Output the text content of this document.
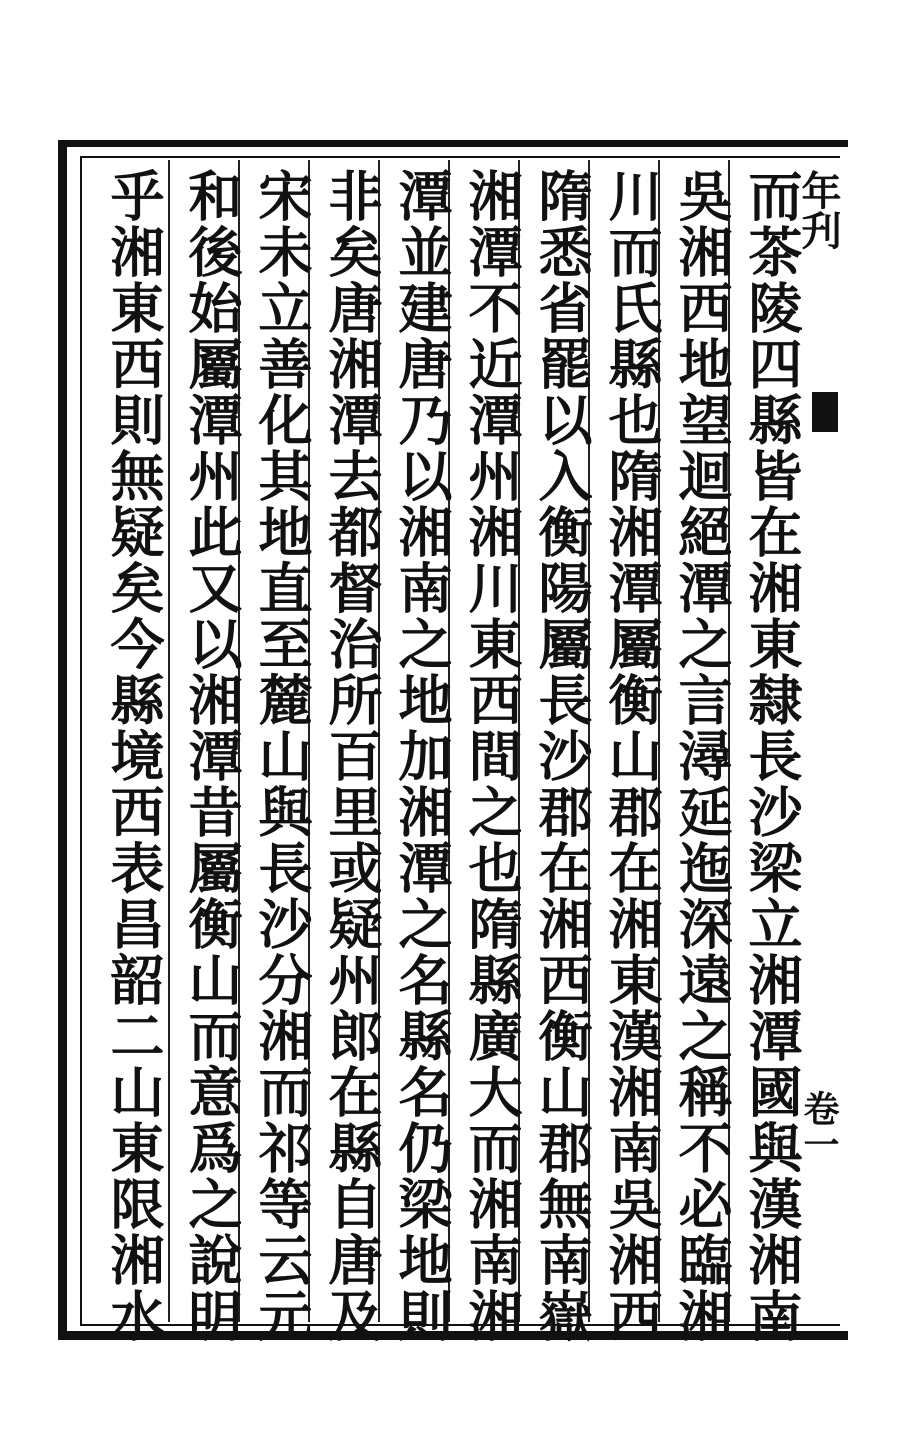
年刋
卷一
而茶陵四縣皆在湘東隸長沙梁立湘潭國與漢湘南
吳湘西地望迴絕潭之言潯延迤深遠之稱不必臨湘
川而氏縣也隋湘潭屬衡山郡在湘東漢湘南吳湘西
隋悉省罷以入衡陽屬長沙郡在湘西衡山郡無南嶽
湘潭不近潭州湘川東西間之也隋縣廣大而湘南湘
潭並建唐乃以湘南之地加湘潭之名縣名仍梁地則
非矣唐湘潭去都督治所百里或疑州郎在縣自唐及
宋未立善化其地直至麓山與長沙分湘而祁等云元
和後始屬潭州此又以湘潭昔屬衡山而意爲之說明
乎湘東西則無疑矣今縣境西表昌韶二山東限湘水
